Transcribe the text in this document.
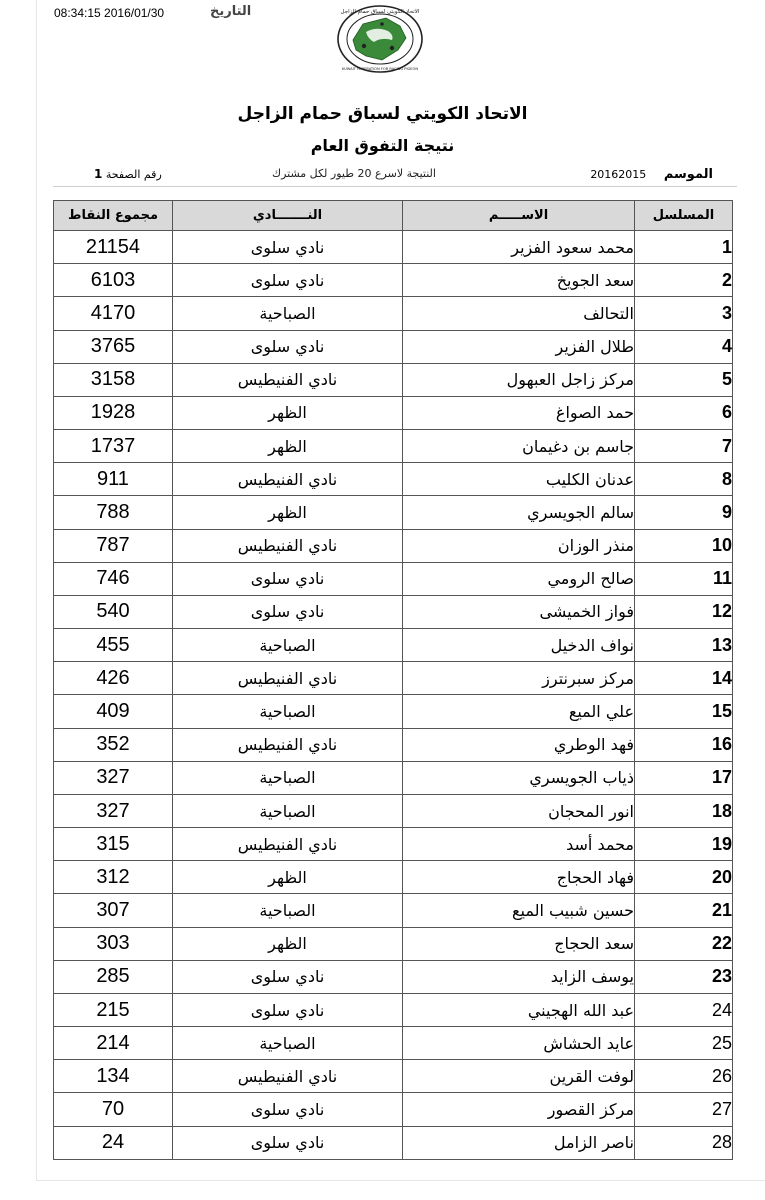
08:34:15 2016/01/30	التاريخ	الاتحاد الكويتي لسباق حمام الزاجل
KUWAIT FEDERATION FOR RACING PIGEON
الاتحاد الكويتي لسباق حمام الزاجل
نتيجة التفوق العام
الموسم 20162015
النتيجة لاسرع 20 طيور لكل مشترك
رقم الصفحة 1
المسلسل	الاســـــم	النـــــــادي	مجموع النقاط
1	محمد سعود الفزير	نادي سلوى	21154
2	سعد الجويخ	نادي سلوى	6103
3	التحالف	الصباحية	4170
4	طلال الفزير	نادي سلوى	3765
5	مركز زاجل العبهول	نادي الفنيطيس	3158
6	حمد الصواغ	الظهر	1928
7	جاسم بن دغيمان	الظهر	1737
8	عدنان الكليب	نادي الفنيطيس	911
9	سالم الجويسري	الظهر	788
10	منذر الوزان	نادي الفنيطيس	787
11	صالح الرومي	نادي سلوى	746
12	فواز الخميشى	نادي سلوى	540
13	نواف الدخيل	الصباحية	455
14	مركز سبرنترز	نادي الفنيطيس	426
15	علي الميع	الصباحية	409
16	فهد الوطري	نادي الفنيطيس	352
17	ذياب الجويسري	الصباحية	327
18	انور المحجان	الصباحية	327
19	محمد أسد	نادي الفنيطيس	315
20	فهاد الحجاج	الظهر	312
21	حسين شبيب الميع	الصباحية	307
22	سعد الحجاج	الظهر	303
23	يوسف الزايد	نادي سلوى	285
24	عبد الله الهجيني	نادي سلوى	215
25	عايد الحشاش	الصباحية	214
26	لوفت القرين	نادي الفنيطيس	134
27	مركز القصور	نادي سلوى	70
28	ناصر الزامل	نادي سلوى	24
